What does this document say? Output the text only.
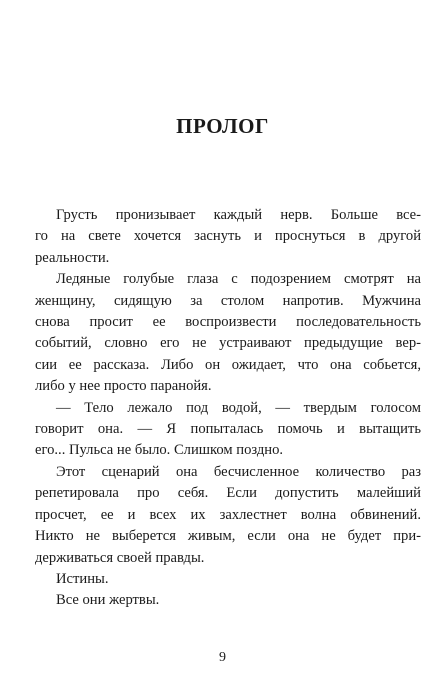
ПРОЛОГ
Грусть пронизывает каждый нерв. Больше все-
го на свете хочется заснуть и проснуться в другой
реальности.
Ледяные голубые глаза с подозрением смотрят на
женщину, сидящую за столом напротив. Мужчина
снова просит ее воспроизвести последовательность
событий, словно его не устраивают предыдущие вер-
сии ее рассказа. Либо он ожидает, что она собьется,
либо у нее просто паранойя.
— Тело лежало под водой, — твердым голосом
говорит она. — Я попыталась помочь и вытащить
его... Пульса не было. Слишком поздно.
Этот сценарий она бесчисленное количество раз
репетировала про себя. Если допустить малейший
просчет, ее и всех их захлестнет волна обвинений.
Никто не выберется живым, если она не будет при-
держиваться своей правды.
Истины.
Все они жертвы.
9
